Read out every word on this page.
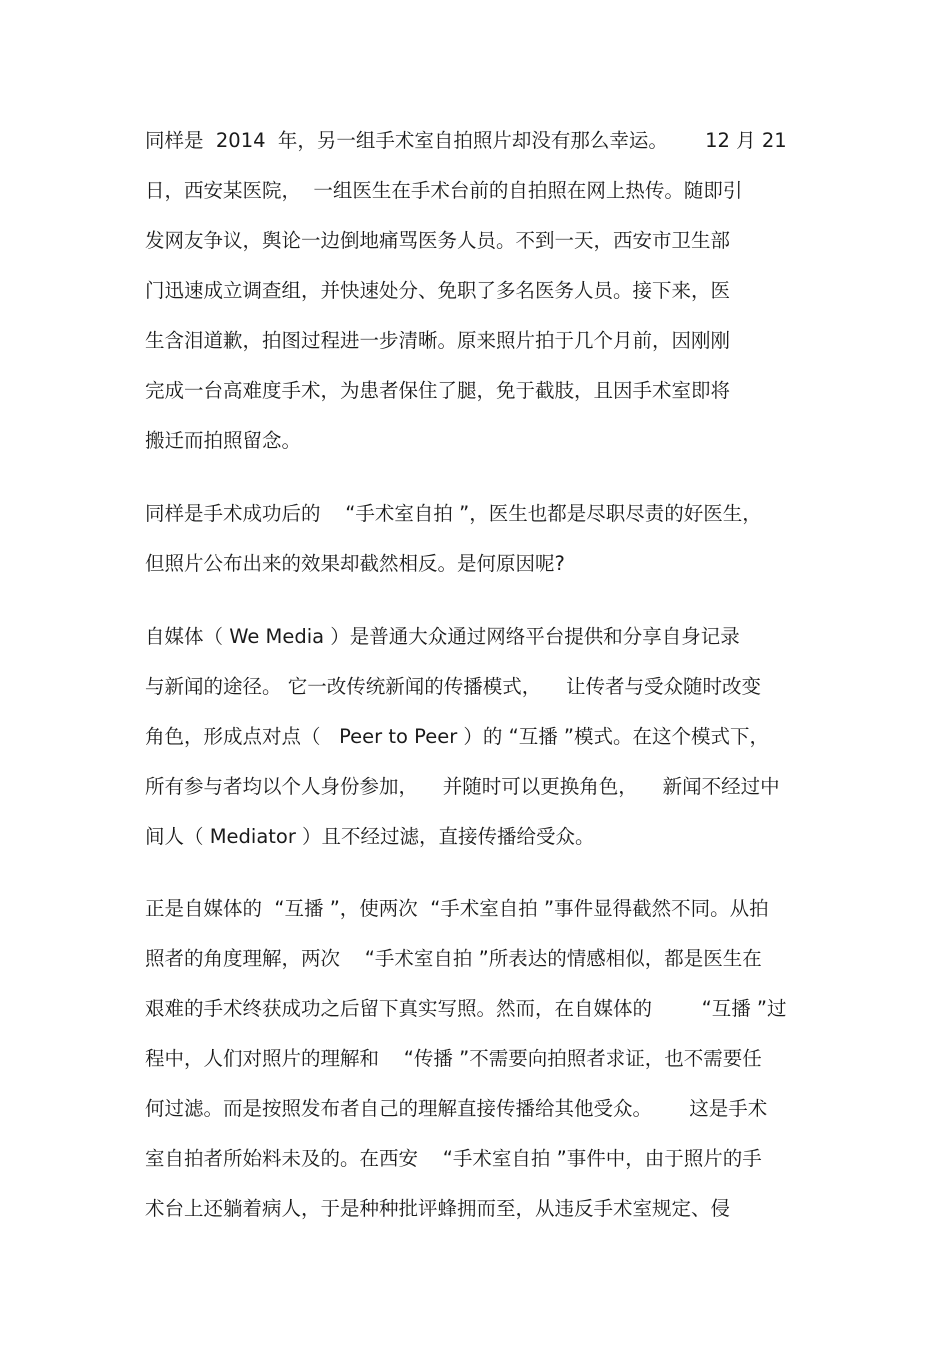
同样是  2014  年，另一组手术室自拍照片却没有那么幸运。      12 月 21
日，西安某医院，  一组医生在手术台前的自拍照在网上热传。随即引
发网友争议，舆论一边倒地痛骂医务人员。不到一天，西安市卫生部
门迅速成立调查组，并快速处分、免职了多名医务人员。接下来，医
生含泪道歉，拍图过程进一步清晰。原来照片拍于几个月前，因刚刚
完成一台高难度手术，为患者保住了腿，免于截肢，且因手术室即将
搬迁而拍照留念。
同样是手术成功后的    “手术室自拍 ”，医生也都是尽职尽责的好医生，
但照片公布出来的效果却截然相反。是何原因呢?
自媒体（ We Media ）是普通大众通过网络平台提供和分享自身记录
与新闻的途径。 它一改传统新闻的传播模式，    让传者与受众随时改变
角色，形成点对点（   Peer to Peer ）的 “互播 ”模式。在这个模式下，
所有参与者均以个人身份参加，    并随时可以更换角色，    新闻不经过中
间人（ Mediator ）且不经过滤，直接传播给受众。
正是自媒体的  “互播 ”，使两次  “手术室自拍 ”事件显得截然不同。从拍
照者的角度理解，两次    “手术室自拍 ”所表达的情感相似，都是医生在
艰难的手术终获成功之后留下真实写照。然而，在自媒体的        “互播 ”过
程中，人们对照片的理解和    “传播 ”不需要向拍照者求证，也不需要任
何过滤。而是按照发布者自己的理解直接传播给其他受众。      这是手术
室自拍者所始料未及的。在西安    “手术室自拍 ”事件中，由于照片的手
术台上还躺着病人，于是种种批评蜂拥而至，从违反手术室规定、侵
